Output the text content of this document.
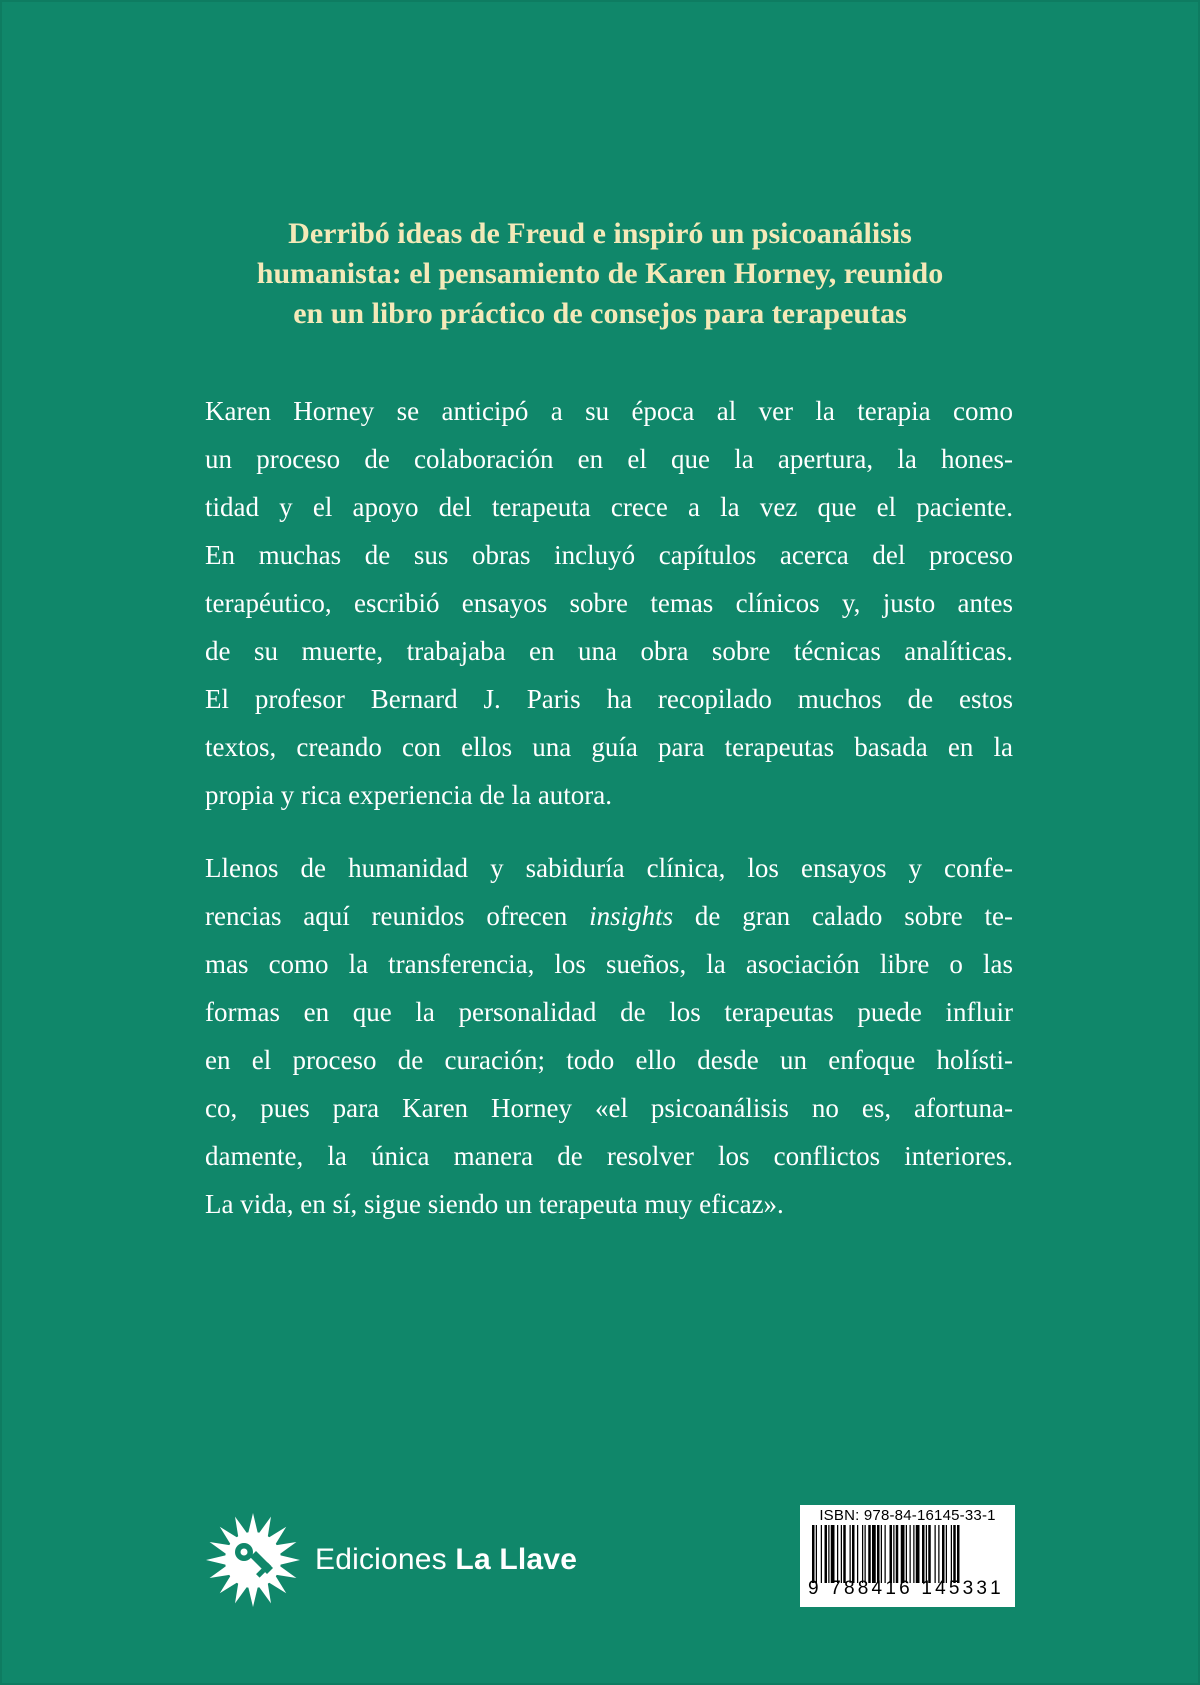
Derribó ideas de Freud e inspiró un psicoanálisis
humanista: el pensamiento de Karen Horney, reunido
en un libro práctico de consejos para terapeutas

Karen Horney se anticipó a su época al ver la terapia como
un proceso de colaboración en el que la apertura, la hones-
tidad y el apoyo del terapeuta crece a la vez que el paciente.
En muchas de sus obras incluyó capítulos acerca del proceso
terapéutico, escribió ensayos sobre temas clínicos y, justo antes
de su muerte, trabajaba en una obra sobre técnicas analíticas.
El profesor Bernard J. Paris ha recopilado muchos de estos
textos, creando con ellos una guía para terapeutas basada en la
propia y rica experiencia de la autora.

Llenos de humanidad y sabiduría clínica, los ensayos y confe-
rencias aquí reunidos ofrecen insights de gran calado sobre te-
mas como la transferencia, los sueños, la asociación libre o las
formas en que la personalidad de los terapeutas puede influir
en el proceso de curación; todo ello desde un enfoque holísti-
co, pues para Karen Horney «el psicoanálisis no es, afortuna-
damente, la única manera de resolver los conflictos interiores.
La vida, en sí, sigue siendo un terapeuta muy eficaz».

Ediciones La Llave
ISBN: 978-84-16145-33-1
9 788416 145331
